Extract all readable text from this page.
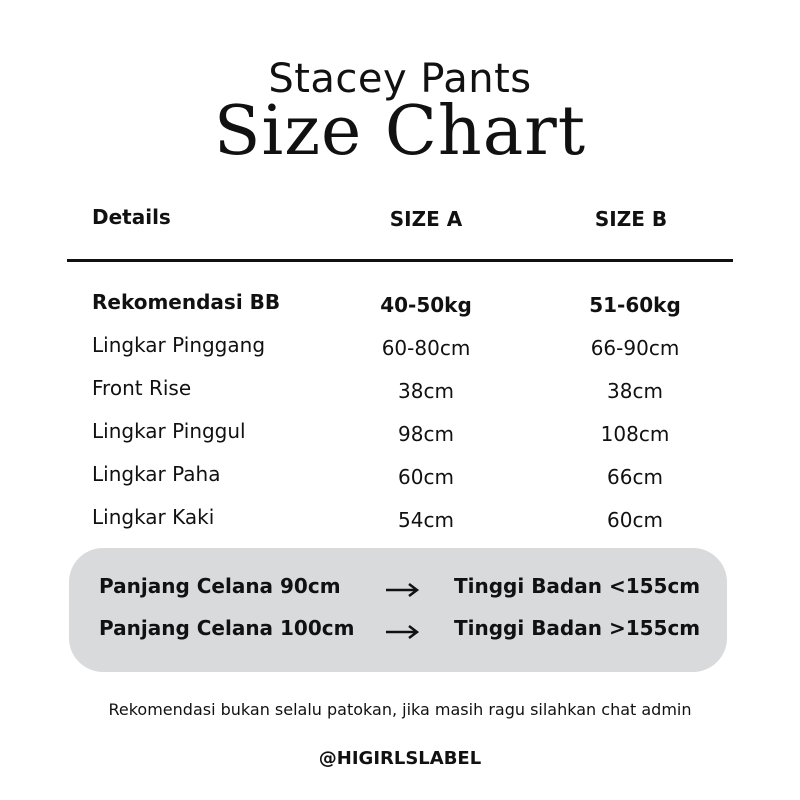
Stacey Pants
Size Chart
Details	SIZE A	SIZE B
Rekomendasi BB	40-50kg	51-60kg
Lingkar Pinggang	60-80cm	66-90cm
Front Rise	38cm	38cm
Lingkar Pinggul	98cm	108cm
Lingkar Paha	60cm	66cm
Lingkar Kaki	54cm	60cm
Panjang Celana 90cm	Tinggi Badan <155cm
Panjang Celana 100cm	Tinggi Badan >155cm
Rekomendasi bukan selalu patokan, jika masih ragu silahkan chat admin
@HIGIRLSLABEL
